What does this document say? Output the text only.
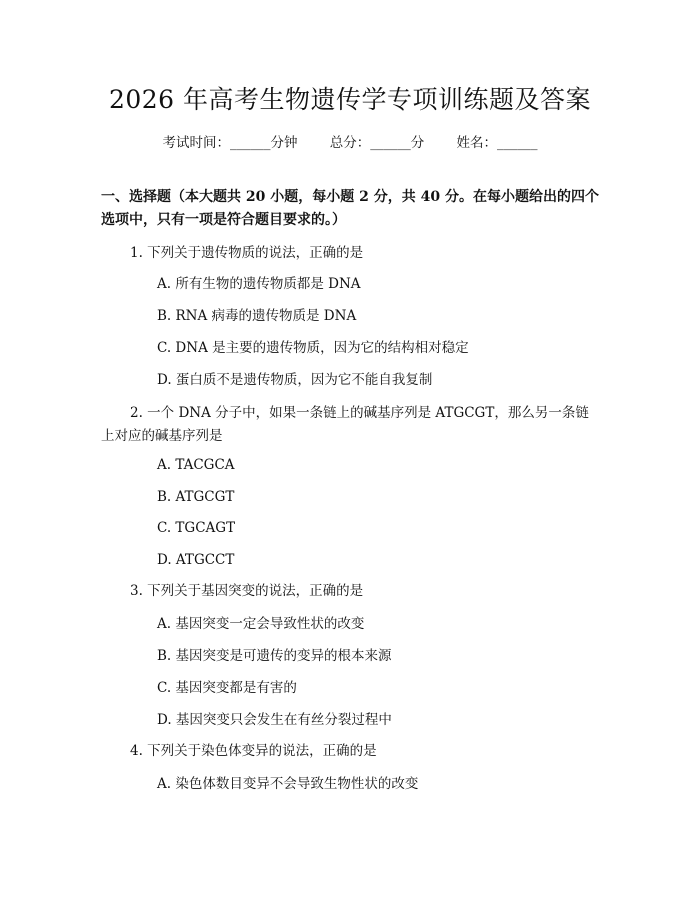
2026 年高考生物遗传学专项训练题及答案
考试时间：______分钟 总分：______分 姓名：______
一、选择题（本大题共 20 小题，每小题 2 分，共 40 分。在每小题给出的四个选项中，只有一项是符合题目要求的。）
1. 下列关于遗传物质的说法，正确的是
A. 所有生物的遗传物质都是 DNA
B. RNA 病毒的遗传物质是 DNA
C. DNA 是主要的遗传物质，因为它的结构相对稳定
D. 蛋白质不是遗传物质，因为它不能自我复制
2. 一个 DNA 分子中，如果一条链上的碱基序列是 ATGCGT，那么另一条链上对应的碱基序列是
A. TACGCA
B. ATGCGT
C. TGCAGT
D. ATGCCT
3. 下列关于基因突变的说法，正确的是
A. 基因突变一定会导致性状的改变
B. 基因突变是可遗传的变异的根本来源
C. 基因突变都是有害的
D. 基因突变只会发生在有丝分裂过程中
4. 下列关于染色体变异的说法，正确的是
A. 染色体数目变异不会导致生物性状的改变
